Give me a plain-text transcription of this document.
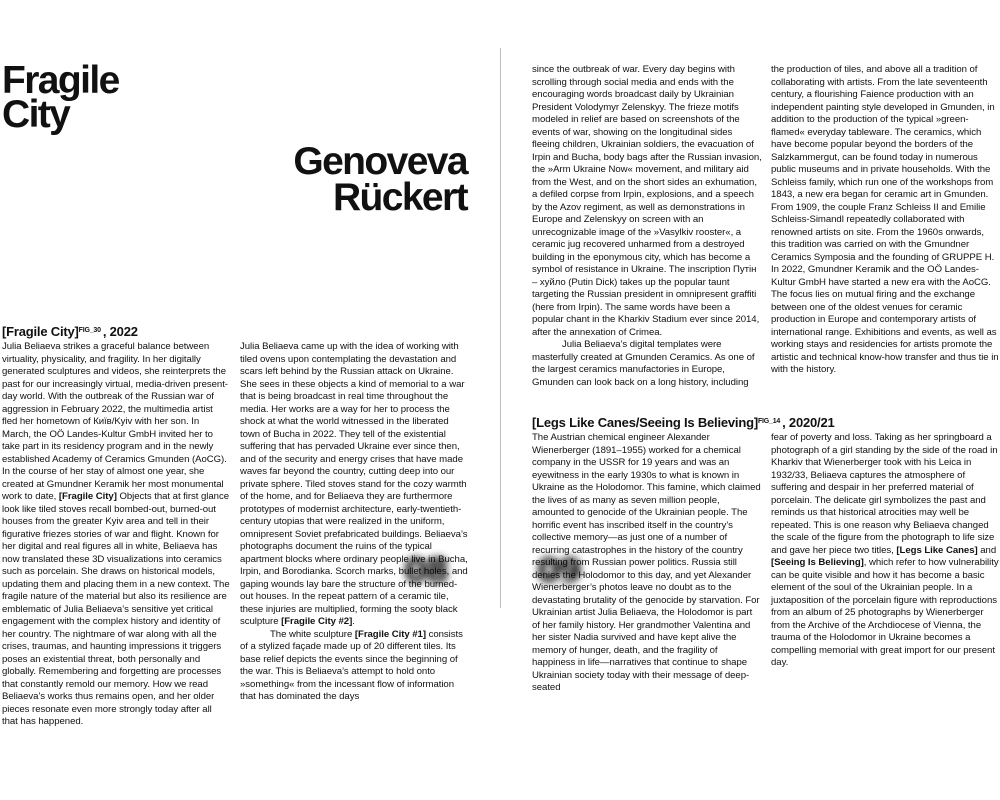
Fragile
City
Genoveva
Rückert
[Fragile City]$^{FIG\_30}$ , 2022

Julia Beliaeva strikes a graceful balance between virtuality, physicality, and fragility. In her digitally generated sculptures and videos, she reinterprets the past for our increasingly virtual, media-driven present-day world. With the outbreak of the Russian war of aggression in February 2022, the multimedia artist fled her hometown of Київ/Kyiv with her son. In March, the OÖ Landes-Kultur GmbH invited her to take part in its residency program and in the newly established Academy of Ceramics Gmunden (AoCG). In the course of her stay of almost one year, she created at Gmundner Keramik her most monumental work to date, [Fragile City] Objects that at first glance look like tiled stoves recall bombed-out, burned-out houses from the greater Kyiv area and tell in their figurative friezes stories of war and flight. Known for her digital and real figures all in white, Beliaeva has now translated these 3D visualizations into ceramics such as porcelain. She draws on historical models, updating them and placing them in a new context. The fragile nature of the material but also its resilience are emblematic of Julia Beliaeva’s sensitive yet critical engagement with the complex history and identity of her country. The nightmare of war along with all the crises, traumas, and haunting impressions it triggers poses an existential threat, both personally and globally. Remembering and forgetting are processes that constantly remold our memory. How we read Beliaeva’s works thus remains open, and her older pieces resonate even more strongly today after all that has happened.

Julia Beliaeva came up with the idea of working with tiled ovens upon contemplating the devastation and scars left behind by the Russian attack on Ukraine. She sees in these objects a kind of memorial to a war that is being broadcast in real time throughout the media. Her works are a way for her to process the shock at what the world witnessed in the liberated town of Bucha in 2022. They tell of the existential suffering that has pervaded Ukraine ever since then, and of the security and energy crises that have made waves far beyond the country, cutting deep into our private sphere. Tiled stoves stand for the cozy warmth of the home, and for Beliaeva they are furthermore prototypes of modernist architecture, early-twentieth-century utopias that were realized in the uniform, omnipresent Soviet prefabricated buildings. Beliaeva’s photographs document the ruins of the typical apartment blocks where ordinary people live in Bucha, Irpin, and Borodianka. Scorch marks, bullet holes, and gaping wounds lay bare the structure of the burned-out houses. In the repeat pattern of a ceramic tile, these injuries are multiplied, forming the sooty black sculpture [Fragile City #2].

The white sculpture [Fragile City #1] consists of a stylized façade made up of 20 different tiles. Its base relief depicts the events since the beginning of the war. This is Beliaeva’s attempt to hold onto »something« from the incessant flow of information that has dominated the days

since the outbreak of war. Every day begins with scrolling through social media and ends with the encouraging words broadcast daily by Ukrainian President Volodymyr Zelenskyy. The frieze motifs modeled in relief are based on screenshots of the events of war, showing on the longitudinal sides fleeing children, Ukrainian soldiers, the evacuation of Irpin and Bucha, body bags after the Russian invasion, the »Arm Ukraine Now« movement, and military aid from the West, and on the short sides an exhumation, a defiled corpse from Irpin, explosions, and a speech by the Azov regiment, as well as demonstrations in Europe and Zelenskyy on screen with an unrecognizable image of the »Vasylkiv rooster«, a ceramic jug recovered unharmed from a destroyed building in the eponymous city, which has become a symbol of resistance in Ukraine. The inscription Путін – хуйло (Putin Dick) takes up the popular taunt targeting the Russian president in omnipresent graffiti (here from Irpin). The same words have been a popular chant in the Kharkiv Stadium ever since 2014, after the annexation of Crimea.

Julia Beliaeva’s digital templates were masterfully created at Gmunden Ceramics. As one of the largest ceramics manufactories in Europe, Gmunden can look back on a long history, including

the production of tiles, and above all a tradition of collaborating with artists. From the late seventeenth century, a flourishing Faience production with an independent painting style developed in Gmunden, in addition to the production of the typical »green-flamed« everyday tableware. The ceramics, which have become popular beyond the borders of the Salzkammergut, can be found today in numerous public museums and in private households. With the Schleiss family, which run one of the workshops from 1843, a new era began for ceramic art in Gmunden. From 1909, the couple Franz Schleiss II and Emilie Schleiss-Simandl repeatedly collaborated with renowned artists on site. From the 1960s onwards, this tradition was carried on with the Gmundner Ceramics Symposia and the founding of GRUPPE H. In 2022, Gmundner Keramik and the OÖ Landes-Kultur GmbH have started a new era with the AoCG. The focus lies on mutual firing and the exchange between one of the oldest venues for ceramic production in Europe and contemporary artists of international range. Exhibitions and events, as well as working stays and residencies for artists promote the artistic and technical know-how transfer and thus tie in with the history.

[Legs Like Canes/Seeing Is Believing]$^{FIG\_14}$ , 2020/21

The Austrian chemical engineer Alexander Wienerberger (1891–1955) worked for a chemical company in the USSR for 19 years and was an eyewitness in the early 1930s to what is known in Ukraine as the Holodomor. This famine, which claimed the lives of as many as seven million people, amounted to genocide of the Ukrainian people. The horrific event has inscribed itself in the country’s collective memory—as just one of a number of recurring catastrophes in the history of the country resulting from Russian power politics. Russia still denies the Holodomor to this day, and yet Alexander Wienerberger’s photos leave no doubt as to the devastating brutality of the genocide by starvation. For Ukrainian artist Julia Beliaeva, the Holodomor is part of her family history. Her grandmother Valentina and her sister Nadia survived and have kept alive the memory of hunger, death, and the fragility of happiness in life—narratives that continue to shape Ukrainian society today with their message of deep-seated

fear of poverty and loss. Taking as her springboard a photograph of a girl standing by the side of the road in Kharkiv that Wienerberger took with his Leica in 1932/33, Beliaeva captures the atmosphere of suffering and despair in her preferred material of porcelain. The delicate girl symbolizes the past and reminds us that historical atrocities may well be repeated. This is one reason why Beliaeva changed the scale of the figure from the photograph to life size and gave her piece two titles, [Legs Like Canes] and [Seeing Is Believing], which refer to how vulnerability can be quite visible and how it has become a basic element of the soul of the Ukrainian people. In a juxtaposition of the porcelain figure with reproductions from an album of 25 photographs by Wienerberger from the Archive of the Archdiocese of Vienna, the trauma of the Holodomor in Ukraine becomes a compelling memorial with great import for our present day.

08	09
